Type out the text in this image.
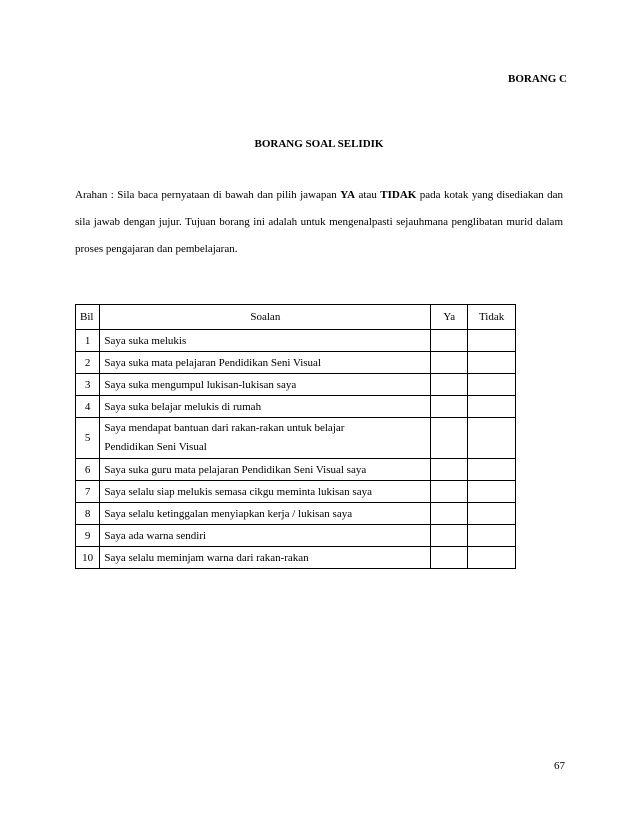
BORANG C
BORANG SOAL SELIDIK

Arahan : Sila baca pernyataan di bawah dan pilih jawapan YA atau TIDAK pada kotak yang disediakan dan sila jawab dengan jujur. Tujuan borang ini adalah untuk mengenalpasti sejauhmana penglibatan murid dalam proses pengajaran dan pembelajaran.

Bil	Soalan	Ya	Tidak
1	Saya suka melukis		
2	Saya suka mata pelajaran Pendidikan Seni Visual		
3	Saya suka mengumpul lukisan-lukisan saya		
4	Saya suka belajar melukis di rumah		
5	Saya mendapat bantuan dari rakan-rakan untuk belajar
Pendidikan Seni Visual		
6	Saya suka guru mata pelajaran Pendidikan Seni Visual saya		
7	Saya selalu siap melukis semasa cikgu meminta lukisan saya		
8	Saya selalu ketinggalan menyiapkan kerja / lukisan saya		
9	Saya ada warna sendiri		
10	Saya selalu meminjam warna dari rakan-rakan		
67
